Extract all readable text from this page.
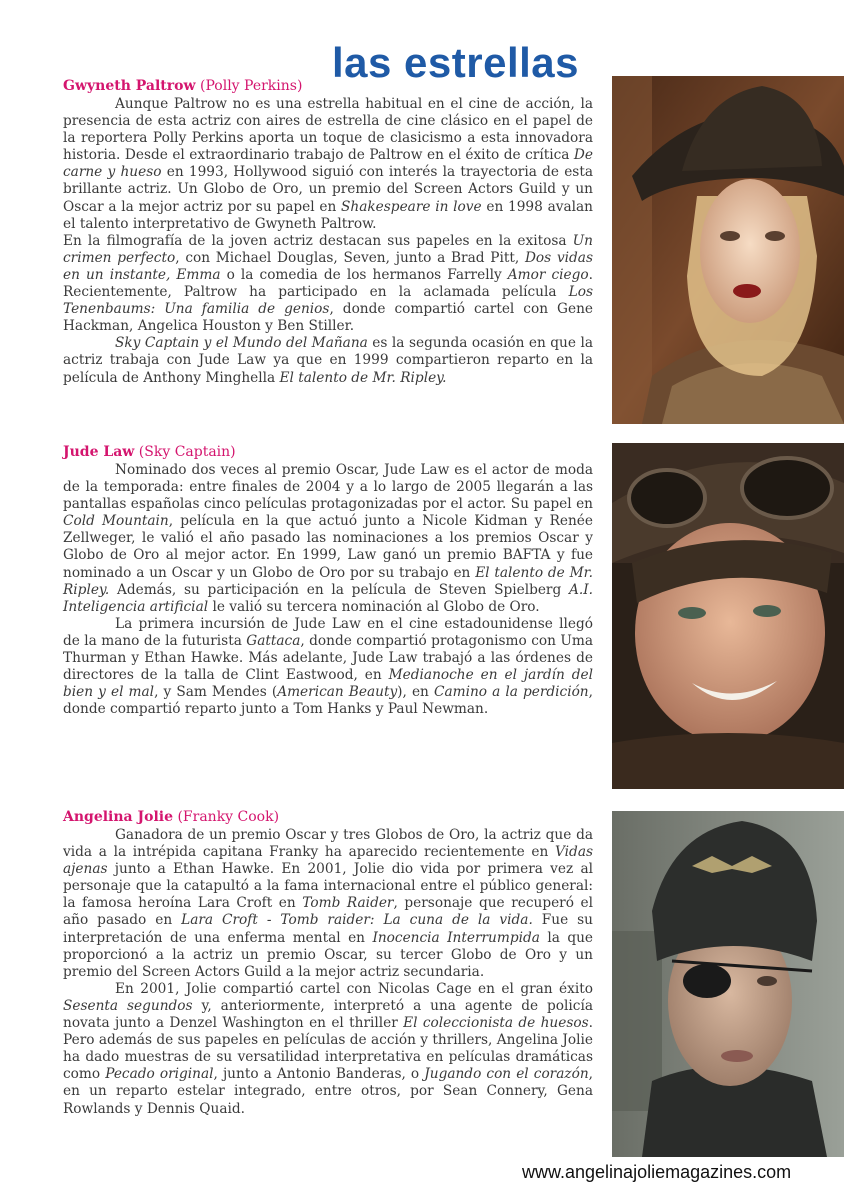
las estrellas
Gwyneth Paltrow (Polly Perkins)

Aunque Paltrow no es una estrella habitual en el cine de acción, la presencia de esta actriz con aires de estrella de cine clásico en el papel de la reportera Polly Perkins aporta un toque de clasicismo a esta innovadora historia. Desde el extraordinario trabajo de Paltrow en el éxito de crítica De carne y hueso en 1993, Hollywood siguió con interés la trayectoria de esta brillante actriz. Un Globo de Oro, un premio del Screen Actors Guild y un Oscar a la mejor actriz por su papel en Shakespeare in love en 1998 avalan el talento interpretativo de Gwyneth Paltrow.

En la filmografía de la joven actriz destacan sus papeles en la exitosa Un crimen perfecto, con Michael Douglas, Seven, junto a Brad Pitt, Dos vidas en un instante, Emma o la comedia de los hermanos Farrelly Amor ciego. Recientemente, Paltrow ha participado en la aclamada película Los Tenenbaums: Una familia de genios, donde compartió cartel con Gene Hackman, Angelica Houston y Ben Stiller.

Sky Captain y el Mundo del Mañana es la segunda ocasión en que la actriz trabaja con Jude Law ya que en 1999 compartieron reparto en la película de Anthony Minghella El talento de Mr. Ripley.

Jude Law (Sky Captain)

Nominado dos veces al premio Oscar, Jude Law es el actor de moda de la temporada: entre finales de 2004 y a lo largo de 2005 llegarán a las pantallas españolas cinco películas protagonizadas por el actor. Su papel en Cold Mountain, película en la que actuó junto a Nicole Kidman y Renée Zellweger, le valió el año pasado las nominaciones a los premios Oscar y Globo de Oro al mejor actor. En 1999, Law ganó un premio BAFTA y fue nominado a un Oscar y un Globo de Oro por su trabajo en El talento de Mr. Ripley. Además, su participación en la película de Steven Spielberg A.I. Inteligencia artificial le valió su tercera nominación al Globo de Oro.

La primera incursión de Jude Law en el cine estadounidense llegó de la mano de la futurista Gattaca, donde compartió protagonismo con Uma Thurman y Ethan Hawke. Más adelante, Jude Law trabajó a las órdenes de directores de la talla de Clint Eastwood, en Medianoche en el jardín del bien y el mal, y Sam Mendes (American Beauty), en Camino a la perdición, donde compartió reparto junto a Tom Hanks y Paul Newman.

Angelina Jolie (Franky Cook)

Ganadora de un premio Oscar y tres Globos de Oro, la actriz que da vida a la intrépida capitana Franky ha aparecido recientemente en Vidas ajenas junto a Ethan Hawke. En 2001, Jolie dio vida por primera vez al personaje que la catapultó a la fama internacional entre el público general: la famosa heroína Lara Croft en Tomb Raider, personaje que recuperó el año pasado en Lara Croft - Tomb raider: La cuna de la vida. Fue su interpretación de una enferma mental en Inocencia Interrumpida la que proporcionó a la actriz un premio Oscar, su tercer Globo de Oro y un premio del Screen Actors Guild a la mejor actriz secundaria.

En 2001, Jolie compartió cartel con Nicolas Cage en el gran éxito Sesenta segundos y, anteriormente, interpretó a una agente de policía novata junto a Denzel Washington en el thriller El coleccionista de huesos. Pero además de sus papeles en películas de acción y thrillers, Angelina Jolie ha dado muestras de su versatilidad interpretativa en películas dramáticas como Pecado original, junto a Antonio Banderas, o Jugando con el corazón, en un reparto estelar integrado, entre otros, por Sean Connery, Gena Rowlands y Dennis Quaid.

www.angelinajoliemagazines.com
